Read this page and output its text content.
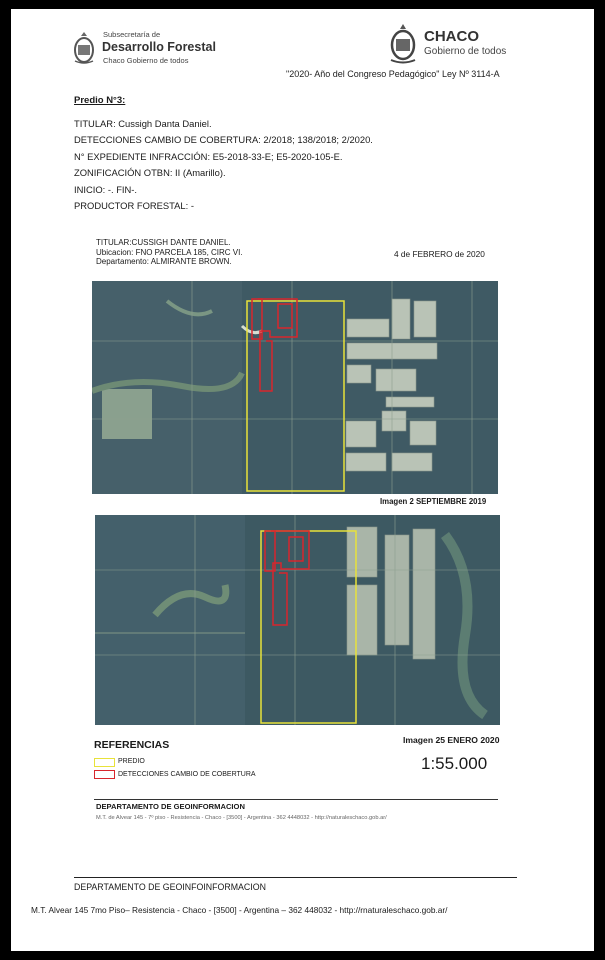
Subsecretaría de
Desarrollo Forestal
Chaco Gobierno de todos
CHACO
Gobierno de todos
"2020- Año del Congreso Pedagógico" Ley Nº 3114-A
Predio N°3:
TITULAR: Cussigh Danta Daniel.
DETECCIONES CAMBIO DE COBERTURA: 2/2018; 138/2018; 2/2020.
N° EXPEDIENTE INFRACCIÓN: E5-2018-33-E; E5-2020-105-E.
ZONIFICACIÓN OTBN: II (Amarillo).
INICIO: -. FIN-.
PRODUCTOR FORESTAL: -
TITULAR:CUSSIGH DANTE DANIEL.
Ubicacion: FNO PARCELA 185, CIRC VI.
Departamento: ALMIRANTE BROWN.
4 de FEBRERO de 2020
Imagen 2 SEPTIEMBRE 2019
REFERENCIAS
PREDIO
DETECCIONES CAMBIO DE COBERTURA
Imagen 25 ENERO 2020
1:55.000
DEPARTAMENTO DE GEOINFORMACION
M.T. de Alvear 145 - 7º piso - Resistencia - Chaco - [3500] - Argentina - 362 4448032 - http://naturaleschaco.gob.ar/
DEPARTAMENTO DE GEOINFOINFORMACION
M.T. Alvear 145 7mo Piso– Resistencia - Chaco - [3500] - Argentina – 362 448032 - http://rnaturaleschaco.gob.ar/
